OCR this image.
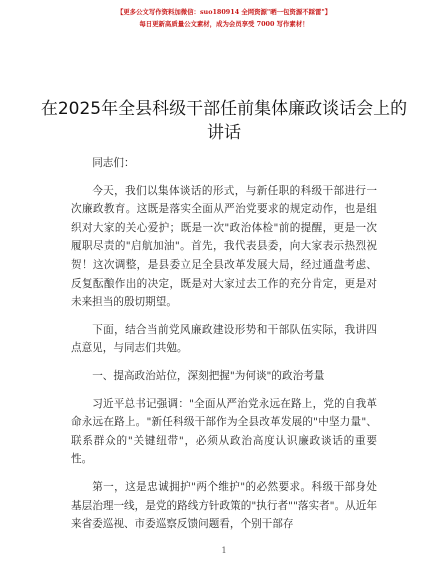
【更多公文写作资料加微信：suo180914 全网资源"晒一包资源不踩雷"】
每日更新高质量公文素材，成为会员享受 7000 写作素材！
在2025年全县科级干部任前集体廉政谈话会上的讲话

同志们：

今天，我们以集体谈话的形式，与新任职的科级干部进行一次廉政教育。这既是落实全面从严治党要求的规定动作，也是组织对大家的关心爱护；既是一次"政治体检"前的提醒，更是一次履职尽责的"启航加油"。首先，我代表县委，向大家表示热烈祝贺！这次调整，是县委立足全县改革发展大局，经过通盘考虑、反复酝酿作出的决定，既是对大家过去工作的充分肯定，更是对未来担当的殷切期望。

下面，结合当前党风廉政建设形势和干部队伍实际，我讲四点意见，与同志们共勉。

一、提高政治站位，深刻把握"为何谈"的政治考量

习近平总书记强调："全面从严治党永远在路上，党的自我革命永远在路上。"新任科级干部作为全县改革发展的"中坚力量"、联系群众的"关键纽带"，必须从政治高度认识廉政谈话的重要性。

第一，这是忠诚拥护"两个维护"的必然要求。科级干部身处基层治理一线，是党的路线方针政策的"执行者""落实者"。从近年来省委巡视、市委巡察反馈问题看，个别干部存

1
